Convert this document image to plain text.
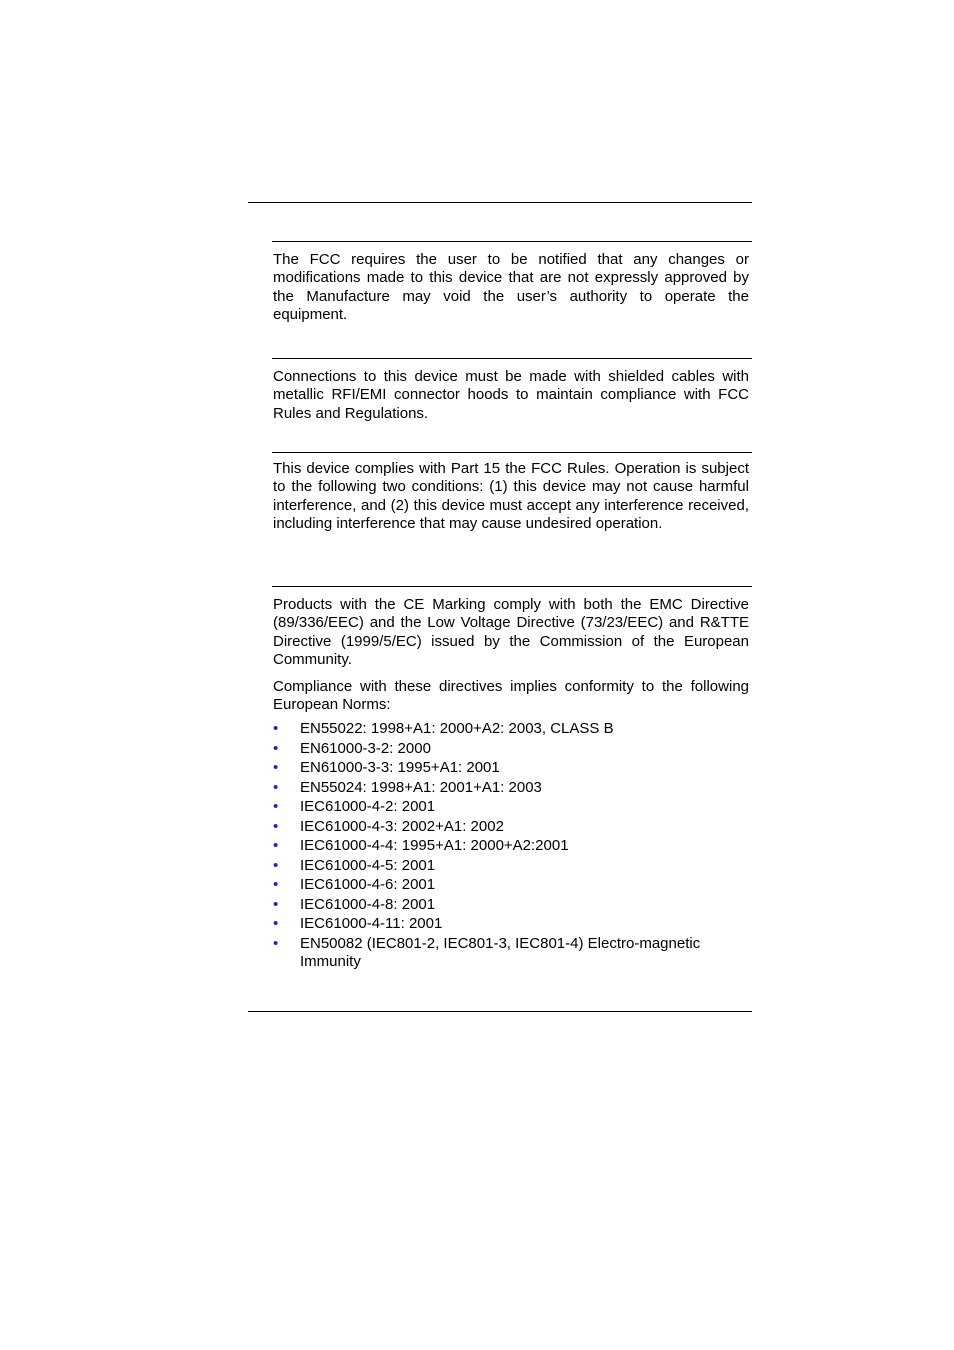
The FCC requires the user to be notified that any changes or modifications made to this device that are not expressly approved by the Manufacture may void the user’s authority to operate the equipment.

Connections to this device must be made with shielded cables with metallic RFI/EMI connector hoods to maintain compliance with FCC Rules and Regulations.

This device complies with Part 15 the FCC Rules. Operation is subject to the following two conditions: (1) this device may not cause harmful interference, and (2) this device must accept any interference received, including interference that may cause undesired operation.

Products with the CE Marking comply with both the EMC Directive (89/336/EEC) and the Low Voltage Directive (73/23/EEC) and R&TTE Directive (1999/5/EC) issued by the Commission of the European Community.

Compliance with these directives implies conformity to the following European Norms:

•	EN55022: 1998+A1: 2000+A2: 2003, CLASS B
•	EN61000-3-2: 2000
•	EN61000-3-3: 1995+A1: 2001
•	EN55024: 1998+A1: 2001+A1: 2003
•	IEC61000-4-2: 2001
•	IEC61000-4-3: 2002+A1: 2002
•	IEC61000-4-4: 1995+A1: 2000+A2:2001
•	IEC61000-4-5: 2001
•	IEC61000-4-6: 2001
•	IEC61000-4-8: 2001
•	IEC61000-4-11: 2001
•	EN50082 (IEC801-2, IEC801-3, IEC801-4) Electro-magnetic Immunity
